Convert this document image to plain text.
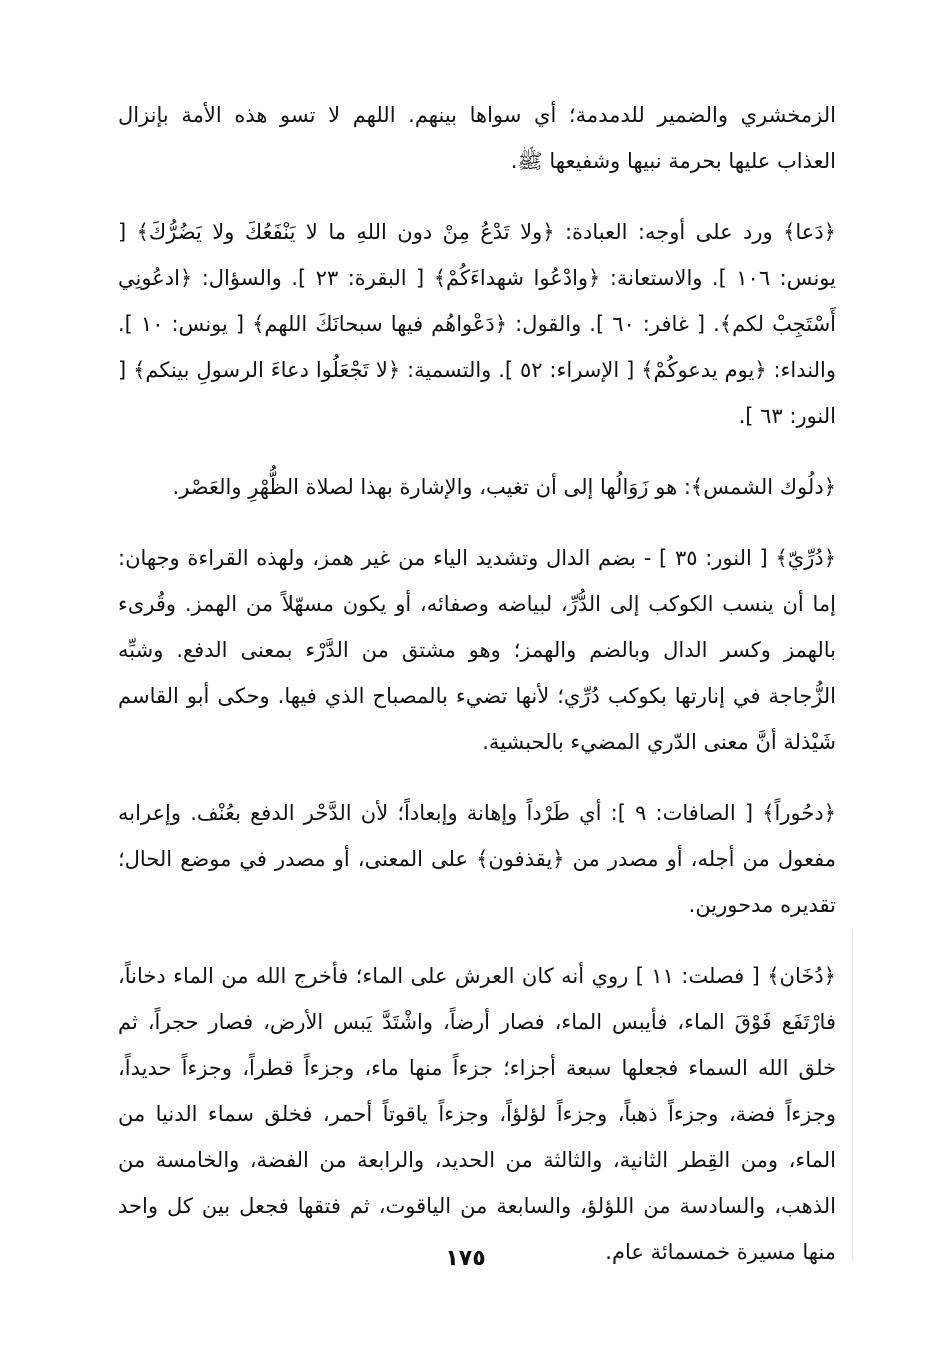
الزمخشري والضمير للدمدمة؛ أي سواها بينهم. اللهم لا تسو هذه الأمة بإنزال العذاب عليها بحرمة نبيها وشفيعها ﷺ.

﴿دَعا﴾ ورد على أوجه: العبادة: ﴿ولا تَدْعُ مِنْ دون اللهِ ما لا يَنْفَعُكَ ولا يَضُرُّكَ﴾ [ يونس: ١٠٦ ]. والاستعانة: ﴿وادْعُوا شهداءَكُمْ﴾ [ البقرة: ٢٣ ]. والسؤال: ﴿ادعُونِي أَسْتَجِبْ لكم﴾. [ غافر: ٦٠ ]. والقول: ﴿دَعْواهُم فيها سبحانَكَ اللهم﴾ [ يونس: ١٠ ]. والنداء: ﴿يوم يدعوكُمْ﴾ [ الإسراء: ٥٢ ]. والتسمية: ﴿لا تَجْعَلُوا دعاءَ الرسولِ بينكم﴾ [ النور: ٦٣ ].

﴿دلُوك الشمس﴾: هو زَوَالُها إلى أن تغيب، والإشارة بهذا لصلاة الظُّهْرِ والعَصْر.

﴿دُرِّيّ﴾ [ النور: ٣٥ ] - بضم الدال وتشديد الياء من غير همز، ولهذه القراءة وجهان: إما أن ينسب الكوكب إلى الدُّرِّ، لبياضه وصفائه، أو يكون مسهّلاً من الهمز. وقُرىء بالهمز وكسر الدال وبالضم والهمز؛ وهو مشتق من الدَّرْء بمعنى الدفع. وشبِّه الزُّجاجة في إنارتها بكوكب دُرِّي؛ لأنها تضيء بالمصباح الذي فيها. وحكى أبو القاسم شَيْذلة أنَّ معنى الدّري المضيء بالحبشية.

﴿دحُوراً﴾ [ الصافات: ٩ ]: أي طَرْداً وإهانة وإبعاداً؛ لأن الدَّحْر الدفع بعُنْف. وإعرابه مفعول من أجله، أو مصدر من ﴿يقذفون﴾ على المعنى، أو مصدر في موضع الحال؛ تقديره مدحورين.

﴿دُخَان﴾ [ فصلت: ١١ ] روي أنه كان العرش على الماء؛ فأخرج الله من الماء دخاناً، فارْتَفَع فَوْقَ الماء، فأيبس الماء، فصار أرضاً، واشْتَدَّ يَبس الأرض، فصار حجراً، ثم خلق الله السماء فجعلها سبعة أجزاء؛ جزءاً منها ماء، وجزءاً قطراً، وجزءاً حديداً، وجزءاً فضة، وجزءاً ذهباً، وجزءاً لؤلؤاً، وجزءاً ياقوتاً أحمر، فخلق سماء الدنيا من الماء، ومن القِطر الثانية، والثالثة من الحديد، والرابعة من الفضة، والخامسة من الذهب، والسادسة من اللؤلؤ، والسابعة من الياقوت، ثم فتقها فجعل بين كل واحد منها مسيرة خمسمائة عام.

١٧٥
